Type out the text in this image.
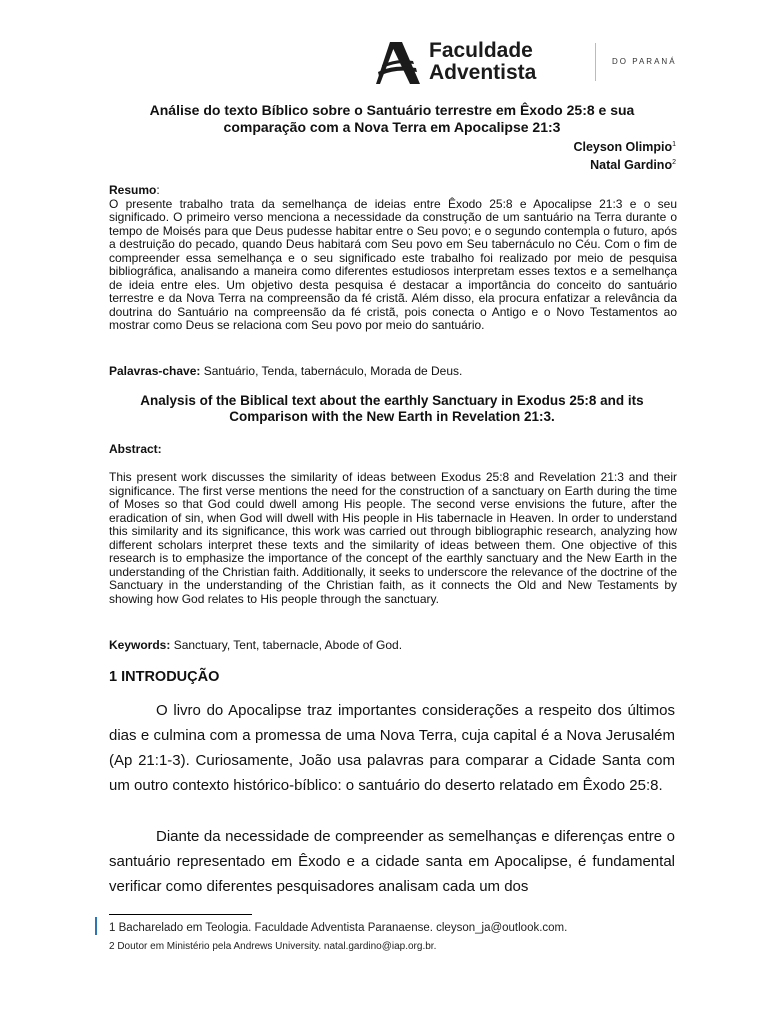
Faculdade
Adventista	DO PARANÁ
Análise do texto Bíblico sobre o Santuário terrestre em Êxodo 25:8 e sua comparação com a Nova Terra em Apocalipse 21:3
Cleyson Olimpio$^1$
Natal Gardino$^2$
Resumo:
O presente trabalho trata da semelhança de ideias entre Êxodo 25:8 e Apocalipse 21:3 e o seu significado. O primeiro verso menciona a necessidade da construção de um santuário na Terra durante o tempo de Moisés para que Deus pudesse habitar entre o Seu povo; e o segundo contempla o futuro, após a destruição do pecado, quando Deus habitará com Seu povo em Seu tabernáculo no Céu. Com o fim de compreender essa semelhança e o seu significado este trabalho foi realizado por meio de pesquisa bibliográfica, analisando a maneira como diferentes estudiosos interpretam esses textos e a semelhança de ideia entre eles. Um objetivo desta pesquisa é destacar a importância do conceito do santuário terrestre e da Nova Terra na compreensão da fé cristã. Além disso, ela procura enfatizar a relevância da doutrina do Santuário na compreensão da fé cristã, pois conecta o Antigo e o Novo Testamentos ao mostrar como Deus se relaciona com Seu povo por meio do santuário.
Palavras-chave: Santuário, Tenda, tabernáculo, Morada de Deus.
Analysis of the Biblical text about the earthly Sanctuary in Exodus 25:8 and its Comparison with the New Earth in Revelation 21:3.
Abstract:
This present work discusses the similarity of ideas between Exodus 25:8 and Revelation 21:3 and their significance. The first verse mentions the need for the construction of a sanctuary on Earth during the time of Moses so that God could dwell among His people. The second verse envisions the future, after the eradication of sin, when God will dwell with His people in His tabernacle in Heaven. In order to understand this similarity and its significance, this work was carried out through bibliographic research, analyzing how different scholars interpret these texts and the similarity of ideas between them. One objective of this research is to emphasize the importance of the concept of the earthly sanctuary and the New Earth in the understanding of the Christian faith. Additionally, it seeks to underscore the relevance of the doctrine of the Sanctuary in the understanding of the Christian faith, as it connects the Old and New Testaments by showing how God relates to His people through the sanctuary.
Keywords: Sanctuary, Tent, tabernacle, Abode of God.
1 INTRODUÇÃO
O livro do Apocalipse traz importantes considerações a respeito dos últimos dias e culmina com a promessa de uma Nova Terra, cuja capital é a Nova Jerusalém (Ap 21:1-3). Curiosamente, João usa palavras para comparar a Cidade Santa com um outro contexto histórico-bíblico: o santuário do deserto relatado em Êxodo 25:8.
Diante da necessidade de compreender as semelhanças e diferenças entre o santuário representado em Êxodo e a cidade santa em Apocalipse, é fundamental verificar como diferentes pesquisadores analisam cada um dos
1 Bacharelado em Teologia. Faculdade Adventista Paranaense. cleyson_ja@outlook.com.
2 Doutor em Ministério pela Andrews University. natal.gardino@iap.org.br.
